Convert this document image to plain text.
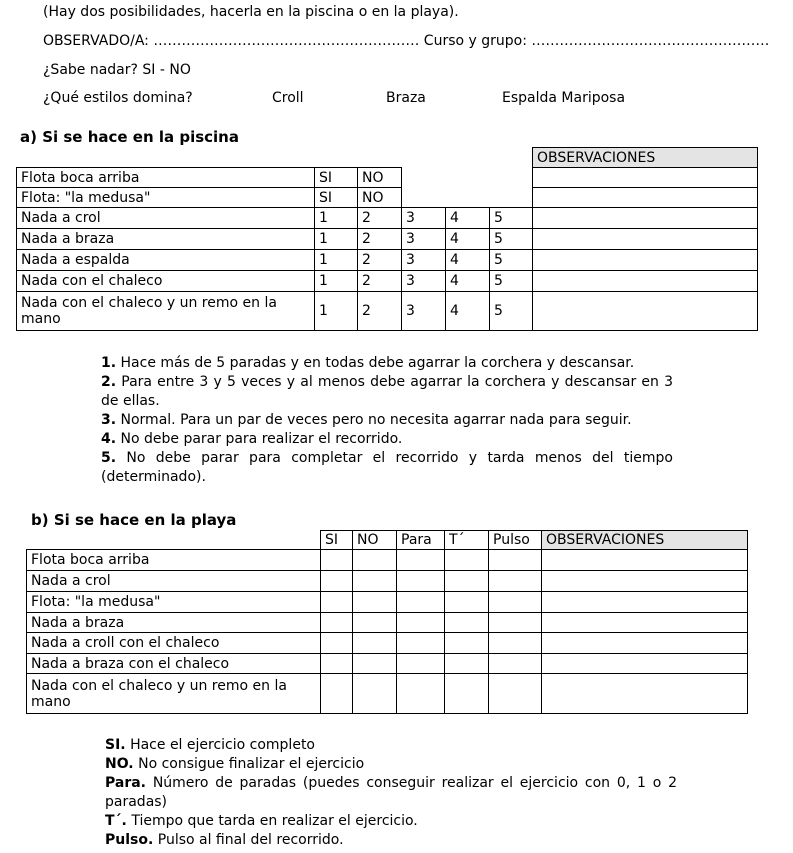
(Hay dos posibilidades, hacerla en la piscina o en la playa).
OBSERVADO/A: ………………………………………………… Curso y grupo: ……………………………………………
¿Sabe nadar? SI - NO
¿Qué estilos domina?	Croll	Braza	Espalda Mariposa
a) Si se hace en la piscina
						OBSERVACIONES
Flota boca arriba	SI	NO				
Flota: "la medusa"	SI	NO				
Nada a crol	1	2	3	4	5	
Nada a braza	1	2	3	4	5	
Nada a espalda	1	2	3	4	5	
Nada con el chaleco	1	2	3	4	5	
Nada con el chaleco y un remo en la mano	1	2	3	4	5	

1. Hace más de 5 paradas y en todas debe agarrar la corchera y descansar.

2. Para entre 3 y 5 veces y al menos debe agarrar la corchera y descansar en 3 de ellas.

3. Normal. Para un par de veces pero no necesita agarrar nada para seguir.

4. No debe parar para realizar el recorrido.

5. No debe parar para completar el recorrido y tarda menos del tiempo (determinado).

b) Si se hace en la playa
	SI	NO	Para	T´	Pulso	OBSERVACIONES
Flota boca arriba						
Nada a crol						
Flota: "la medusa"						
Nada a braza						
Nada a croll con el chaleco						
Nada a braza con el chaleco						
Nada con el chaleco y un remo en la mano						

SI. Hace el ejercicio completo

NO. No consigue finalizar el ejercicio

Para. Número de paradas (puedes conseguir realizar el ejercicio con 0, 1 o 2 paradas)

T´. Tiempo que tarda en realizar el ejercicio.

Pulso. Pulso al final del recorrido.
